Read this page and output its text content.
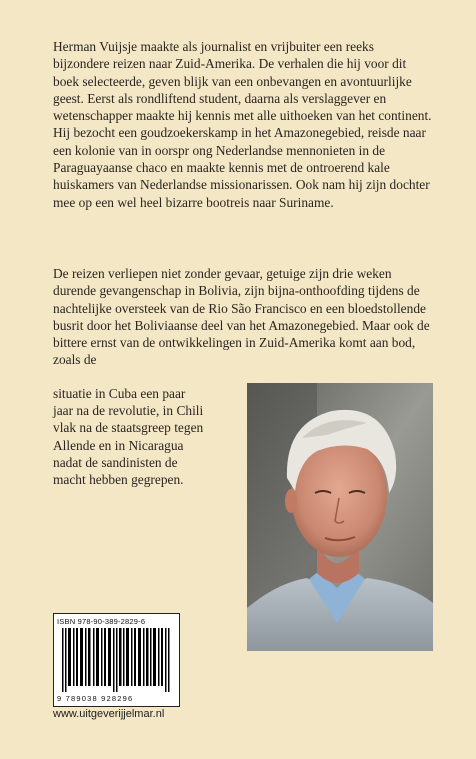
Herman Vuijsje maakte als journalist en vrijbuiter een reeks bijzondere reizen naar Zuid-Amerika. De verhalen die hij voor dit boek selecteerde, geven blijk van een onbevangen en avontuurlijke geest. Eerst als rondliftend student, daarna als verslaggever en wetenschapper maakte hij kennis met alle uithoeken van het continent. Hij bezocht een goudzoekerskamp in het Amazonegebied, reisde naar een kolonie van in oorspr ong Nederlandse mennonieten in de Paraguayaanse chaco en maakte kennis met de ontroerend kale huiskamers van Nederlandse missionarissen. Ook nam hij zijn dochter mee op een wel heel bizarre bootreis naar Suriname.

De reizen verliepen niet zonder gevaar, getuige zijn drie weken durende gevangenschap in Bolivia, zijn bijna-onthoofding tijdens de nachtelijke oversteek van de Rio São Francisco en een bloedstollende busrit door het Boliviaanse deel van het Amazonegebied. Maar ook de bittere ernst van de ontwikkelingen in Zuid-Amerika komt aan bod, zoals de

situatie in Cuba een paar

jaar na de revolutie, in Chili

vlak na de staatsgreep tegen

Allende en in Nicaragua

nadat de sandinisten de

macht hebben gegrepen.

ISBN 978-90-389-2829-6
9 789038 928296
www.uitgeverijjelmar.nl
